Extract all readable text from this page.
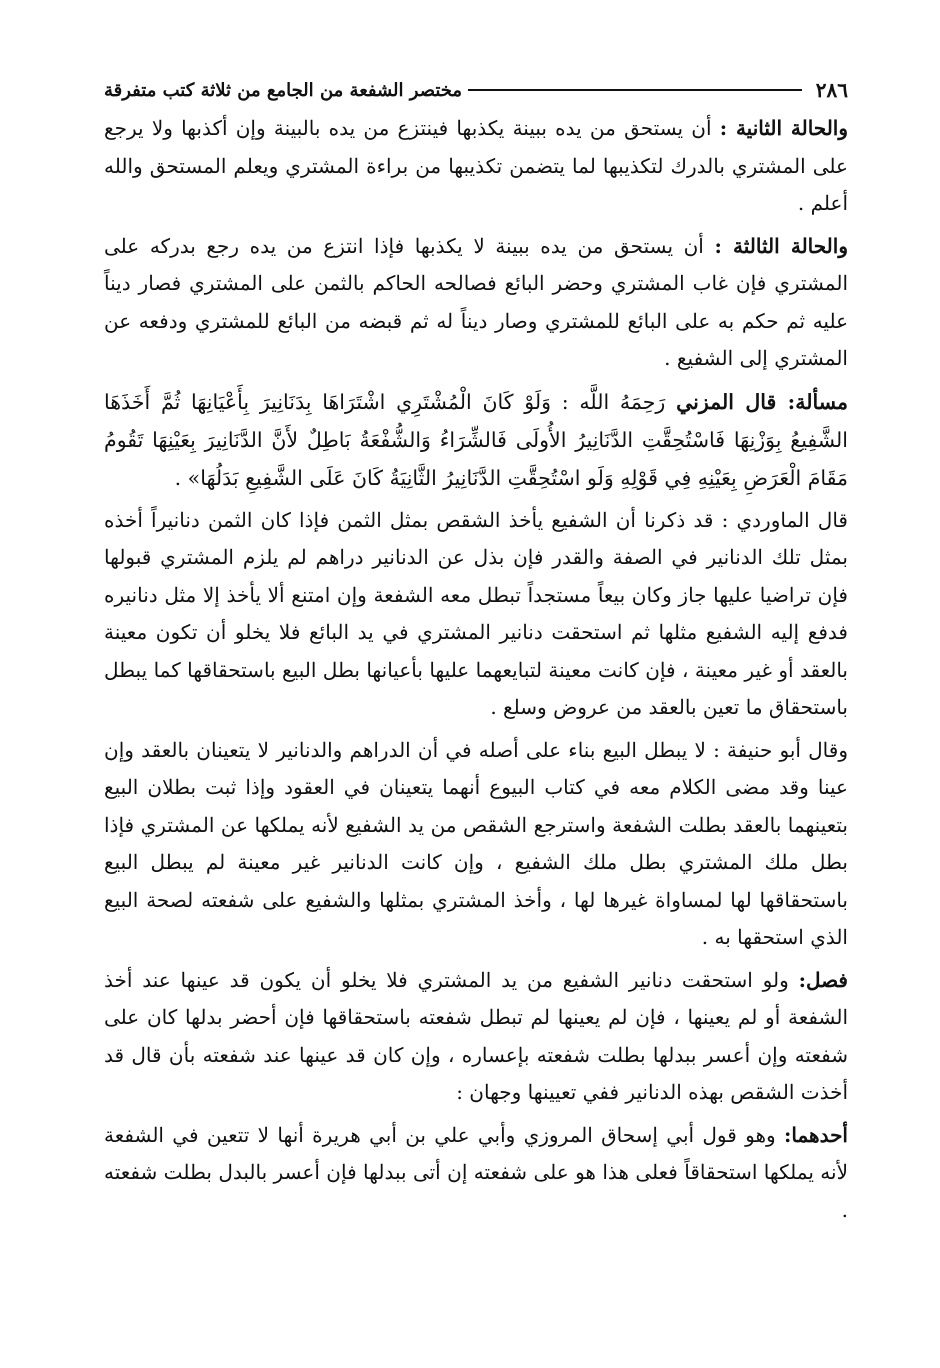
٢٨٦
مختصر الشفعة من الجامع من ثلاثة كتب متفرقة

والحالة الثانية : أن يستحق من يده ببينة يكذبها فينتزع من يده بالبينة وإن أكذبها ولا يرجع على المشتري بالدرك لتكذيبها لما يتضمن تكذيبها من براءة المشتري ويعلم المستحق والله أعلم .

والحالة الثالثة : أن يستحق من يده ببينة لا يكذبها فإذا انتزع من يده رجع بدركه على المشتري فإن غاب المشتري وحضر البائع فصالحه الحاكم بالثمن على المشتري فصار ديناً عليه ثم حكم به على البائع للمشتري وصار ديناً له ثم قبضه من البائع للمشتري ودفعه عن المشتري إلى الشفيع .

مسألة: قال المزني رَحِمَهُ اللَّه : وَلَوْ كَانَ الْمُشْتَرِي اشْتَرَاهَا بِدَنَانِيرَ بِأَعْيَانِهَا ثُمَّ أَخَذَهَا الشَّفِيعُ بِوَزْنِهَا فَاسْتُحِقَّتِ الدَّنَانِيرُ الأُولَى فَالشِّرَاءُ وَالشُّفْعَةُ بَاطِلٌ لأَنَّ الدَّنَانِيرَ بِعَيْنِهَا تَقُومُ مَقَامَ الْعَرَضِ بِعَيْنِهِ فِي قَوْلِهِ وَلَو اسْتُحِقَّتِ الدَّنَانِيرُ الثَّانِيَةُ كَانَ عَلَى الشَّفِيعِ بَدَلُهَا» .

قال الماوردي : قد ذكرنا أن الشفيع يأخذ الشقص بمثل الثمن فإذا كان الثمن دنانيراً أخذه بمثل تلك الدنانير في الصفة والقدر فإن بذل عن الدنانير دراهم لم يلزم المشتري قبولها فإن تراضيا عليها جاز وكان بيعاً مستجداً تبطل معه الشفعة وإن امتنع ألا يأخذ إلا مثل دنانيره فدفع إليه الشفيع مثلها ثم استحقت دنانير المشتري في يد البائع فلا يخلو أن تكون معينة بالعقد أو غير معينة ، فإن كانت معينة لتبايعهما عليها بأعيانها بطل البيع باستحقاقها كما يبطل باستحقاق ما تعين بالعقد من عروض وسلع .

وقال أبو حنيفة : لا يبطل البيع بناء على أصله في أن الدراهم والدنانير لا يتعينان بالعقد وإن عينا وقد مضى الكلام معه في كتاب البيوع أنهما يتعينان في العقود وإذا ثبت بطلان البيع بتعينهما بالعقد بطلت الشفعة واسترجع الشقص من يد الشفيع لأنه يملكها عن المشتري فإذا بطل ملك المشتري بطل ملك الشفيع ، وإن كانت الدنانير غير معينة لم يبطل البيع باستحقاقها لها لمساواة غيرها لها ، وأخذ المشتري بمثلها والشفيع على شفعته لصحة البيع الذي استحقها به .

فصل: ولو استحقت دنانير الشفيع من يد المشتري فلا يخلو أن يكون قد عينها عند أخذ الشفعة أو لم يعينها ، فإن لم يعينها لم تبطل شفعته باستحقاقها فإن أحضر بدلها كان على شفعته وإن أعسر ببدلها بطلت شفعته بإعساره ، وإن كان قد عينها عند شفعته بأن قال قد أخذت الشقص بهذه الدنانير ففي تعيينها وجهان :

أحدهما: وهو قول أبي إسحاق المروزي وأبي علي بن أبي هريرة أنها لا تتعين في الشفعة لأنه يملكها استحقاقاً فعلى هذا هو على شفعته إن أتى ببدلها فإن أعسر بالبدل بطلت شفعته .
